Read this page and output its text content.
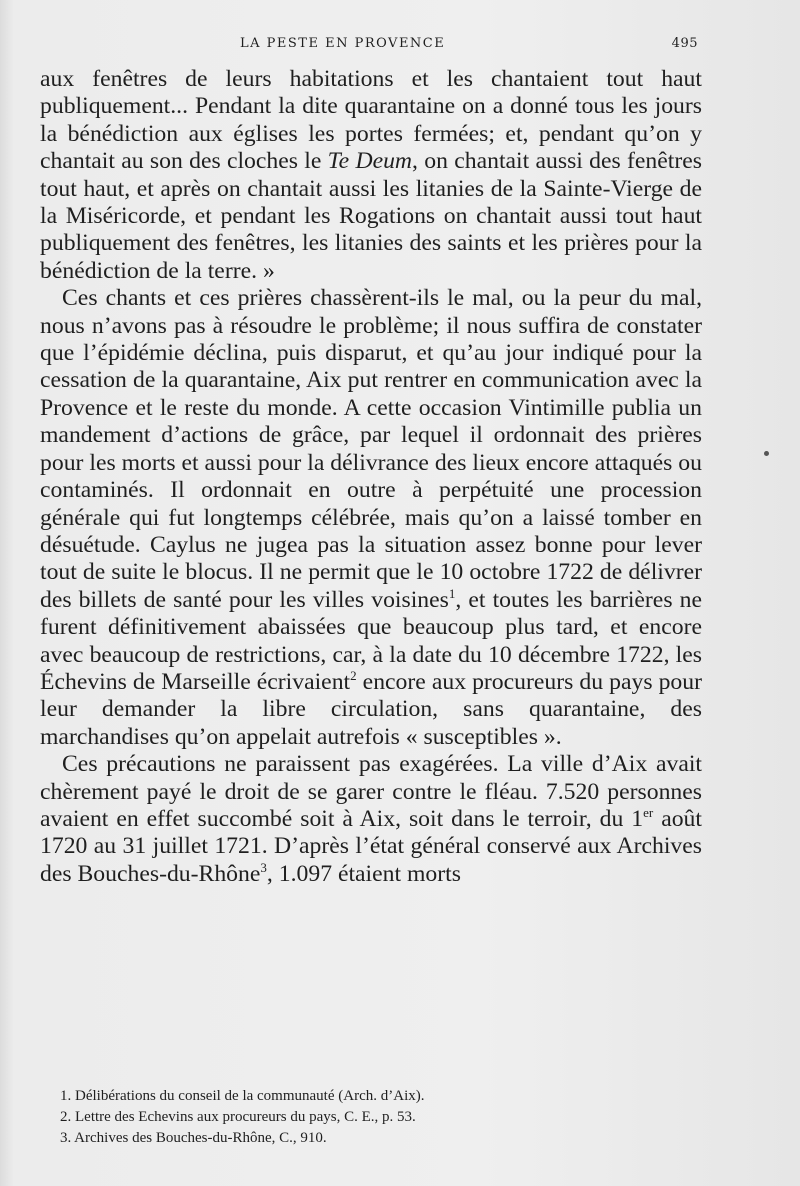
LA PESTE EN PROVENCE	495

aux fenêtres de leurs habitations et les chantaient tout haut publiquement... Pendant la dite quarantaine on a donné tous les jours la bénédiction aux églises les portes fermées; et, pendant qu’on y chantait au son des cloches le Te Deum, on chantait aussi des fenêtres tout haut, et après on chantait aussi les litanies de la Sainte-Vierge de la Miséricorde, et pendant les Rogations on chantait aussi tout haut publiquement des fenêtres, les litanies des saints et les prières pour la bénédiction de la terre. »

Ces chants et ces prières chassèrent-ils le mal, ou la peur du mal, nous n’avons pas à résoudre le problème; il nous suffira de constater que l’épidémie déclina, puis disparut, et qu’au jour indiqué pour la cessation de la quarantaine, Aix put rentrer en communication avec la Provence et le reste du monde. A cette occasion Vintimille publia un mandement d’actions de grâce, par lequel il ordonnait des prières pour les morts et aussi pour la délivrance des lieux encore attaqués ou contaminés. Il ordonnait en outre à perpétuité une procession générale qui fut longtemps célébrée, mais qu’on a laissé tomber en désuétude. Caylus ne jugea pas la situation assez bonne pour lever tout de suite le blocus. Il ne permit que le 10 octobre 1722 de délivrer des billets de santé pour les villes voisines$^1$, et toutes les barrières ne furent définitivement abaissées que beaucoup plus tard, et encore avec beaucoup de restrictions, car, à la date du 10 décembre 1722, les Échevins de Marseille écrivaient$^2$ encore aux procureurs du pays pour leur demander la libre circulation, sans quarantaine, des marchandises qu’on appelait autrefois « susceptibles ».

Ces précautions ne paraissent pas exagérées. La ville d’Aix avait chèrement payé le droit de se garer contre le fléau. 7.520 personnes avaient en effet succombé soit à Aix, soit dans le terroir, du 1er août 1720 au 31 juillet 1721. D’après l’état général conservé aux Archives des Bouches-du-Rhône$^3$, 1.097 étaient morts

1. Délibérations du conseil de la communauté (Arch. d’Aix).
2. Lettre des Echevins aux procureurs du pays, C. E., p. 53.
3. Archives des Bouches-du-Rhône, C., 910.
